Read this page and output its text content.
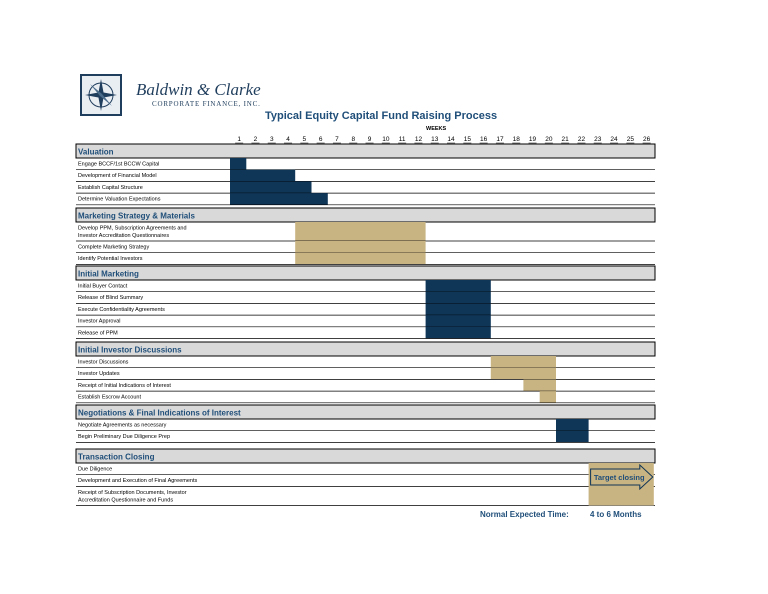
Baldwin & Clarke
CORPORATE FINANCE, INC.
Typical Equity Capital Fund Raising Process
WEEKS
1 2 3 4 5 6 7 8 9 10 11 12 13 14 15 16 17 18 19 20 21 22 23 24 25 26
Valuation
Engage BCCF/1st BCCW Capital
Development of Financial Model
Establish Capital Structure
Determine Valuation Expectations
Marketing Strategy & Materials
Develop PPM, Subscription Agreements and
Investor Accreditation Questionnaires
Complete Marketing Strategy
Identify Potential Investors
Initial Marketing
Initial Buyer Contact
Release of Blind Summary
Execute Confidentiality Agreements
Investor Approval
Release of PPM
Initial Investor Discussions
Investor Discussions
Investor Updates
Receipt of Initial Indications of Interest
Establish Escrow Account
Negotiations & Final Indications of Interest
Negotiate Agreements as necessary
Begin Preliminary Due Diligence Prep
Transaction Closing
Due Diligence
Development and Execution of Final Agreements
Receipt of Subscription Documents, Investor
Accreditation Questionnaire and Funds
Target closing
Normal Expected Time:	4 to 6 Months
